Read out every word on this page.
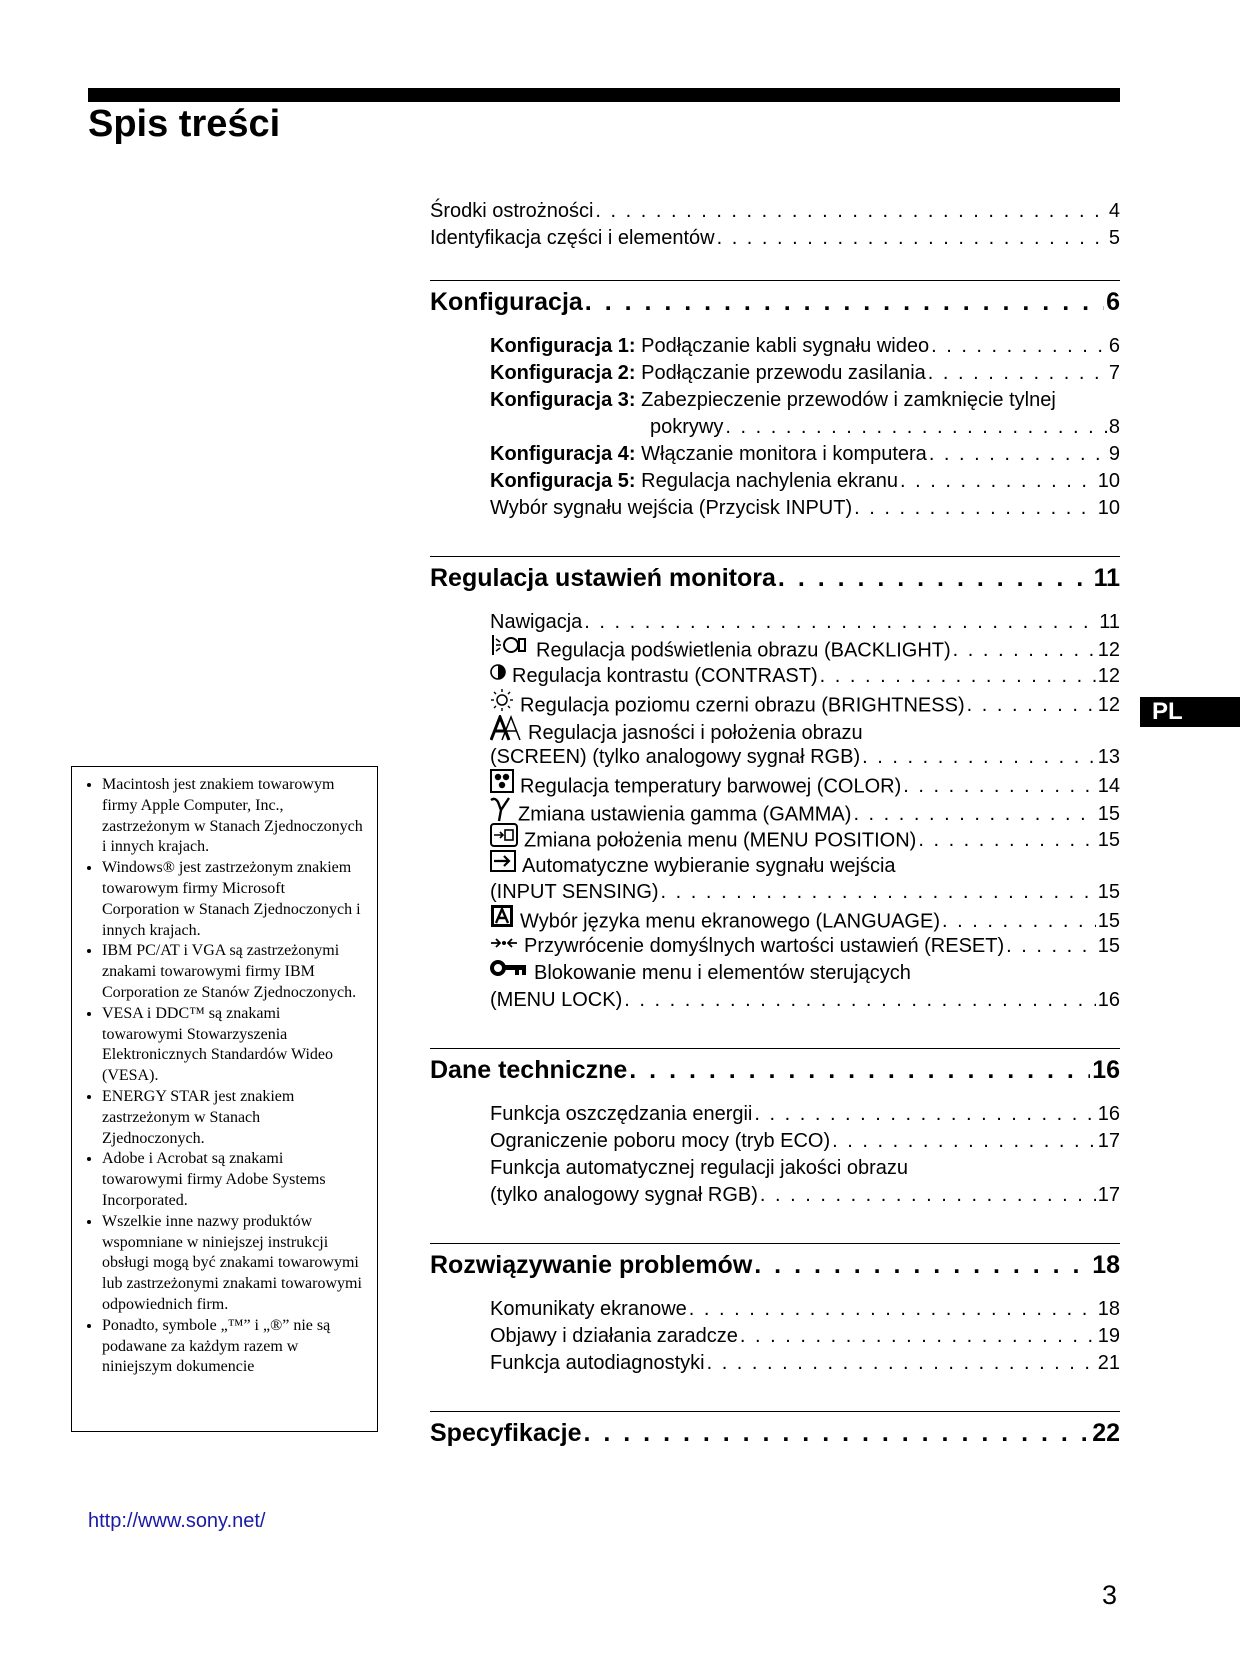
Spis treści
Środki ostrożności . . .	4
Identyfikacja części i elementów . . .	5
Konfiguracja . . .	6
Konfiguracja 1: Podłączanie kabli sygnału wideo . . .	6
Konfiguracja 2: Podłączanie przewodu zasilania . . .	7
Konfiguracja 3: Zabezpieczenie przewodów i zamknięcie tylnej
pokrywy . . .	8
Konfiguracja 4: Włączanie monitora i komputera . . .	9
Konfiguracja 5: Regulacja nachylenia ekranu . . .	10
Wybór sygnału wejścia (Przycisk INPUT) . . .	10
Regulacja ustawień monitora . . .	11
Nawigacja . . .	11
Regulacja podświetlenia obrazu (BACKLIGHT) . . .	12
Regulacja kontrastu (CONTRAST) . . .	12
Regulacja poziomu czerni obrazu (BRIGHTNESS) . . .	12
Regulacja jasności i położenia obrazu
(SCREEN) (tylko analogowy sygnał RGB) . . .	13
Regulacja temperatury barwowej (COLOR) . . .	14
Zmiana ustawienia gamma (GAMMA) . . .	15
Zmiana położenia menu (MENU POSITION) . . .	15
Automatyczne wybieranie sygnału wejścia
(INPUT SENSING) . . .	15
Wybór języka menu ekranowego (LANGUAGE) . . .	15
Przywrócenie domyślnych wartości ustawień (RESET) . . .	15
Blokowanie menu i elementów sterujących
(MENU LOCK) . . .	16
Dane techniczne . . .	16
Funkcja oszczędzania energii . . .	16
Ograniczenie poboru mocy (tryb ECO) . . .	17
Funkcja automatycznej regulacji jakości obrazu
(tylko analogowy sygnał RGB) . . .	17
Rozwiązywanie problemów . . .	18
Komunikaty ekranowe . . .	18
Objawy i działania zaradcze . . .	19
Funkcja autodiagnostyki . . .	21
Specyfikacje . . .	22
PL
• Macintosh jest znakiem towarowym firmy Apple Computer, Inc., zastrzeżonym w Stanach Zjednoczonych i innych krajach.
• Windows® jest zastrzeżonym znakiem towarowym firmy Microsoft Corporation w Stanach Zjednoczonych i innych krajach.
• IBM PC/AT i VGA są zastrzeżonymi znakami towarowymi firmy IBM Corporation ze Stanów Zjednoczonych.
• VESA i DDC™ są znakami towarowymi Stowarzyszenia Elektronicznych Standardów Wideo (VESA).
• ENERGY STAR jest znakiem zastrzeżonym w Stanach Zjednoczonych.
• Adobe i Acrobat są znakami towarowymi firmy Adobe Systems Incorporated.
• Wszelkie inne nazwy produktów wspomniane w niniejszej instrukcji obsługi mogą być znakami towarowymi lub zastrzeżonymi znakami towarowymi odpowiednich firm.
• Ponadto, symbole „™” i „®” nie są podawane za każdym razem w niniejszym dokumencie
http://www.sony.net/
3
